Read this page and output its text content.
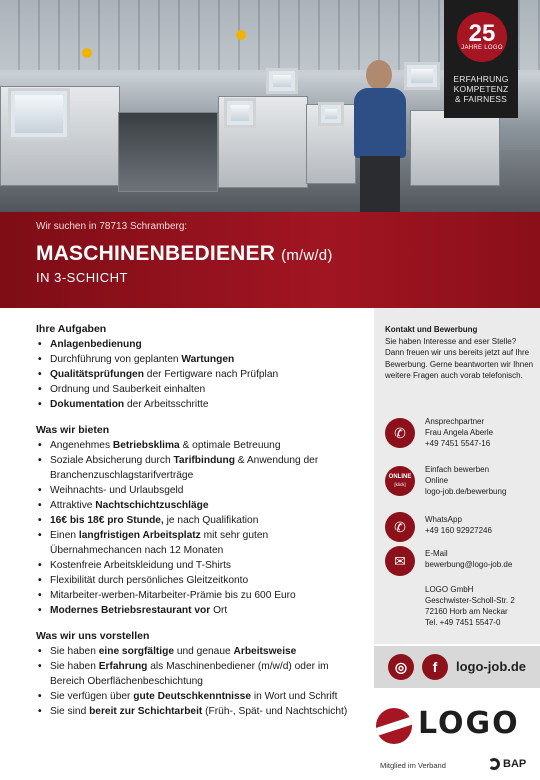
25
JAHRE LOGO
ERFAHRUNG
KOMPETENZ
& FAIRNESS
Wir suchen in 78713 Schramberg:
MASCHINENBEDIENER (m/w/d)
IN 3-SCHICHT
Ihre Aufgaben
• Anlagenbedienung
• Durchführung von geplanten Wartungen
• Qualitätsprüfungen der Fertigware nach Prüfplan
• Ordnung und Sauberkeit einhalten
• Dokumentation der Arbeitsschritte
Was wir bieten
• Angenehmes Betriebsklima & optimale Betreuung
• Soziale Absicherung durch Tarifbindung & Anwendung der Branchenzuschlagstarifverträge
• Weihnachts- und Urlaubsgeld
• Attraktive Nachtschichtzuschläge
• 16€ bis 18€ pro Stunde, je nach Qualifikation
• Einen langfristigen Arbeitsplatz mit sehr guten Übernahmechancen nach 12 Monaten
• Kostenfreie Arbeitskleidung und T-Shirts
• Flexibilität durch persönliches Gleitzeitkonto
• Mitarbeiter-werben-Mitarbeiter-Prämie bis zu 600 Euro
• Modernes Betriebsrestaurant vor Ort
Was wir uns vorstellen
• Sie haben eine sorgfältige und genaue Arbeitsweise
• Sie haben Erfahrung als Maschinenbediener (m/w/d) oder im Bereich Oberflächenbeschichtung
• Sie verfügen über gute Deutschkenntnisse in Wort und Schrift
• Sie sind bereit zur Schichtarbeit (Früh-, Spät- und Nachtschicht)
Kontakt und Bewerbung
Sie haben Interesse and eser Stelle? Dann freuen wir uns bereits jetzt auf Ihre Bewerbung. Gerne beantworten wir Ihnen weitere Fragen auch vorab telefonisch.
✆
Ansprechpartner
Frau Angela Aberle
+49 7451 5547-16
ONLINE
[klick]
Einfach bewerben
Online
logo-job.de/bewerbung
✆	WhatsApp
+49 160 92927246
✉	E-Mail
bewerbung@logo-job.de
LOGO GmbH
Geschwister-Scholl-Str. 2
72160 Horb am Neckar
Tel. +49 7451 5547-0
◎	f	logo-job.de
LOGO
Mitglied im Verband	BAP
